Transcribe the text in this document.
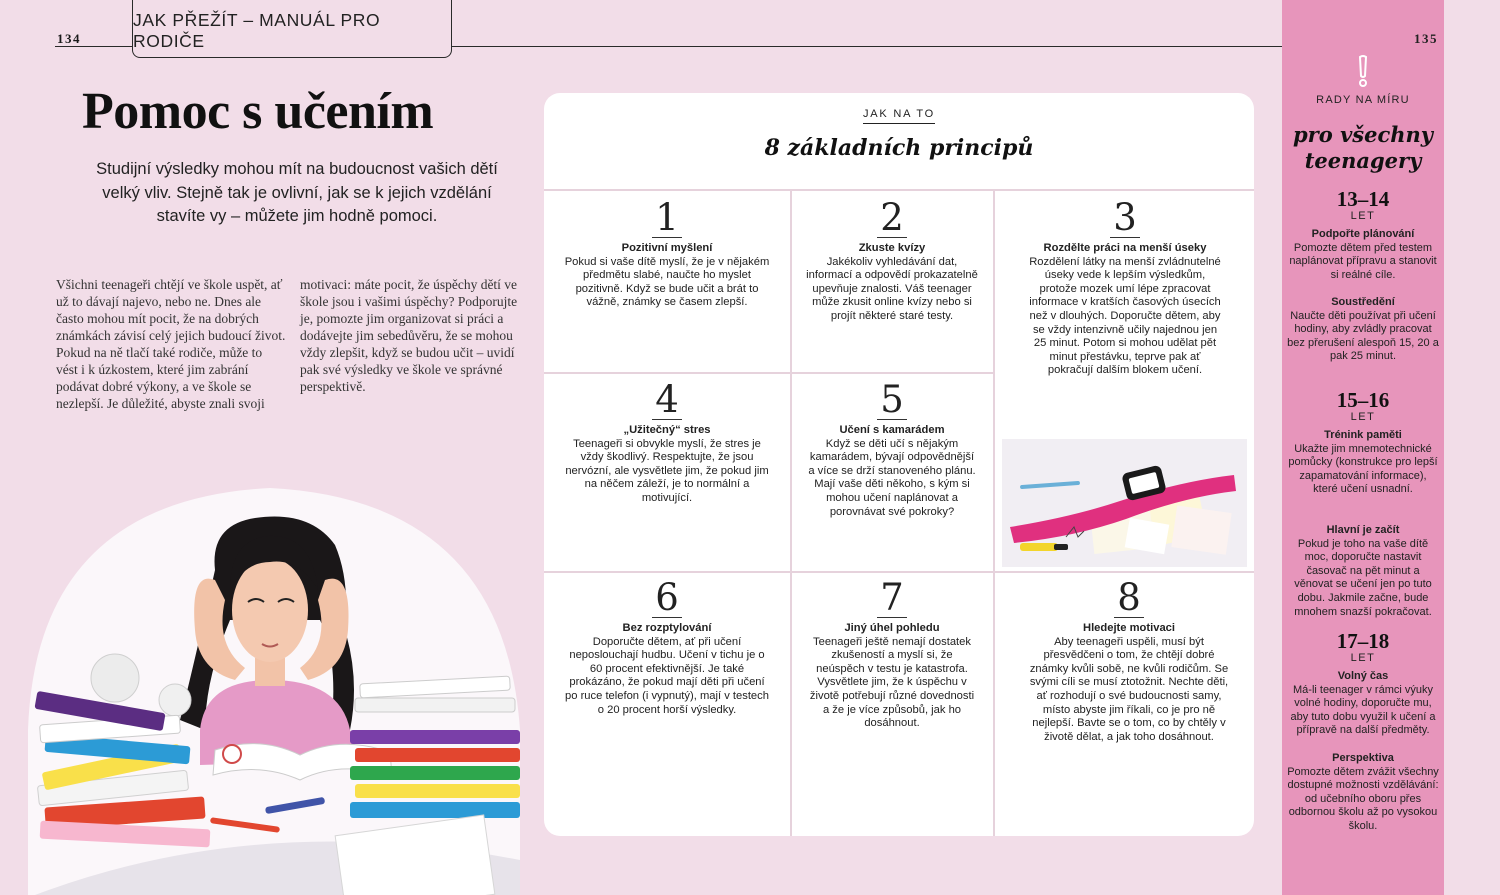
134
JAK PŘEŽÍT – MANUÁL PRO RODIČE
Pomoc s učením

Studijní výsledky mohou mít na budoucnost vašich dětí velký vliv. Stejně tak je ovlivní, jak se k jejich vzdělání stavíte vy – můžete jim hodně pomoci.

Všichni teenageři chtějí ve škole uspět, ať už to dávají najevo, nebo ne. Dnes ale často mohou mít pocit, že na dobrých známkách závisí celý jejich budoucí život. Pokud na ně tlačí také rodiče, může to vést i k úzkostem, které jim zabrání podávat dobré výkony, a ve škole se nezlepší. Je důležité, abyste znali svoji

motivaci: máte pocit, že úspěchy dětí ve škole jsou i vašimi úspěchy? Podporujte je, pomozte jim organizovat si práci a dodávejte jim sebedůvěru, že se mohou vždy zlepšit, když se budou učit – uvidí pak své výsledky ve škole ve správné perspektivě.

JAK NA TO
8 základních principů
1
Pozitivní myšlení
Pokud si vaše dítě myslí, že je v nějakém předmětu slabé, naučte ho myslet pozitivně. Když se bude učit a brát to vážně, známky se časem zlepší.
2
Zkuste kvízy
Jakékoliv vyhledávání dat, informací a odpovědí prokazatelně upevňuje znalosti. Váš teenager může zkusit online kvízy nebo si projít některé staré testy.
3
Rozdělte práci na menší úseky
Rozdělení látky na menší zvládnutelné úseky vede k lepším výsledkům, protože mozek umí lépe zpracovat informace v kratších časových úsecích než v dlouhých. Doporučte dětem, aby se vždy intenzivně učily najednou jen 25 minut. Potom si mohou udělat pět minut přestávku, teprve pak ať pokračují dalším blokem učení.
4
„Užitečný“ stres
Teenageři si obvykle myslí, že stres je vždy škodlivý. Respektujte, že jsou nervózní, ale vysvětlete jim, že pokud jim na něčem záleží, je to normální a motivující.
5
Učení s kamarádem
Když se děti učí s nějakým kamarádem, bývají odpovědnější a více se drží stanoveného plánu. Mají vaše děti někoho, s kým si mohou učení naplánovat a porovnávat své pokroky?
6
Bez rozptylování
Doporučte dětem, ať při učení neposlouchají hudbu. Učení v tichu je o 60 procent efektivnější. Je také prokázáno, že pokud mají děti při učení po ruce telefon (i vypnutý), mají v testech o 20 procent horší výsledky.
7
Jiný úhel pohledu
Teenageři ještě nemají dostatek zkušeností a myslí si, že neúspěch v testu je katastrofa. Vysvětlete jim, že k úspěchu v životě potřebují různé dovednosti a že je více způsobů, jak ho dosáhnout.
8
Hledejte motivaci
Aby teenageři uspěli, musí být přesvědčeni o tom, že chtějí dobré známky kvůli sobě, ne kvůli rodičům. Se svými cíli se musí ztotožnit. Nechte děti, ať rozhodují o své budoucnosti samy, místo abyste jim říkali, co je pro ně nejlepší. Bavte se o tom, co by chtěly v životě dělat, a jak toho dosáhnout.
135
RADY NA MÍRU
pro všechny teenagery
13–14
LET
Podpořte plánování
Pomozte dětem před testem naplánovat přípravu a stanovit si reálné cíle.
Soustředění
Naučte děti používat při učení hodiny, aby zvládly pracovat bez přerušení alespoň 15, 20 a pak 25 minut.
15–16
LET
Trénink paměti
Ukažte jim mnemotechnické pomůcky (konstrukce pro lepší zapamatování informace), které učení usnadní.
Hlavní je začít
Pokud je toho na vaše dítě moc, doporučte nastavit časovač na pět minut a věnovat se učení jen po tuto dobu. Jakmile začne, bude mnohem snazší pokračovat.
17–18
LET
Volný čas
Má-li teenager v rámci výuky volné hodiny, doporučte mu, aby tuto dobu využil k učení a přípravě na další předměty.
Perspektiva
Pomozte dětem zvážit všechny dostupné možnosti vzdělávání: od učebního oboru přes odbornou školu až po vysokou školu.
